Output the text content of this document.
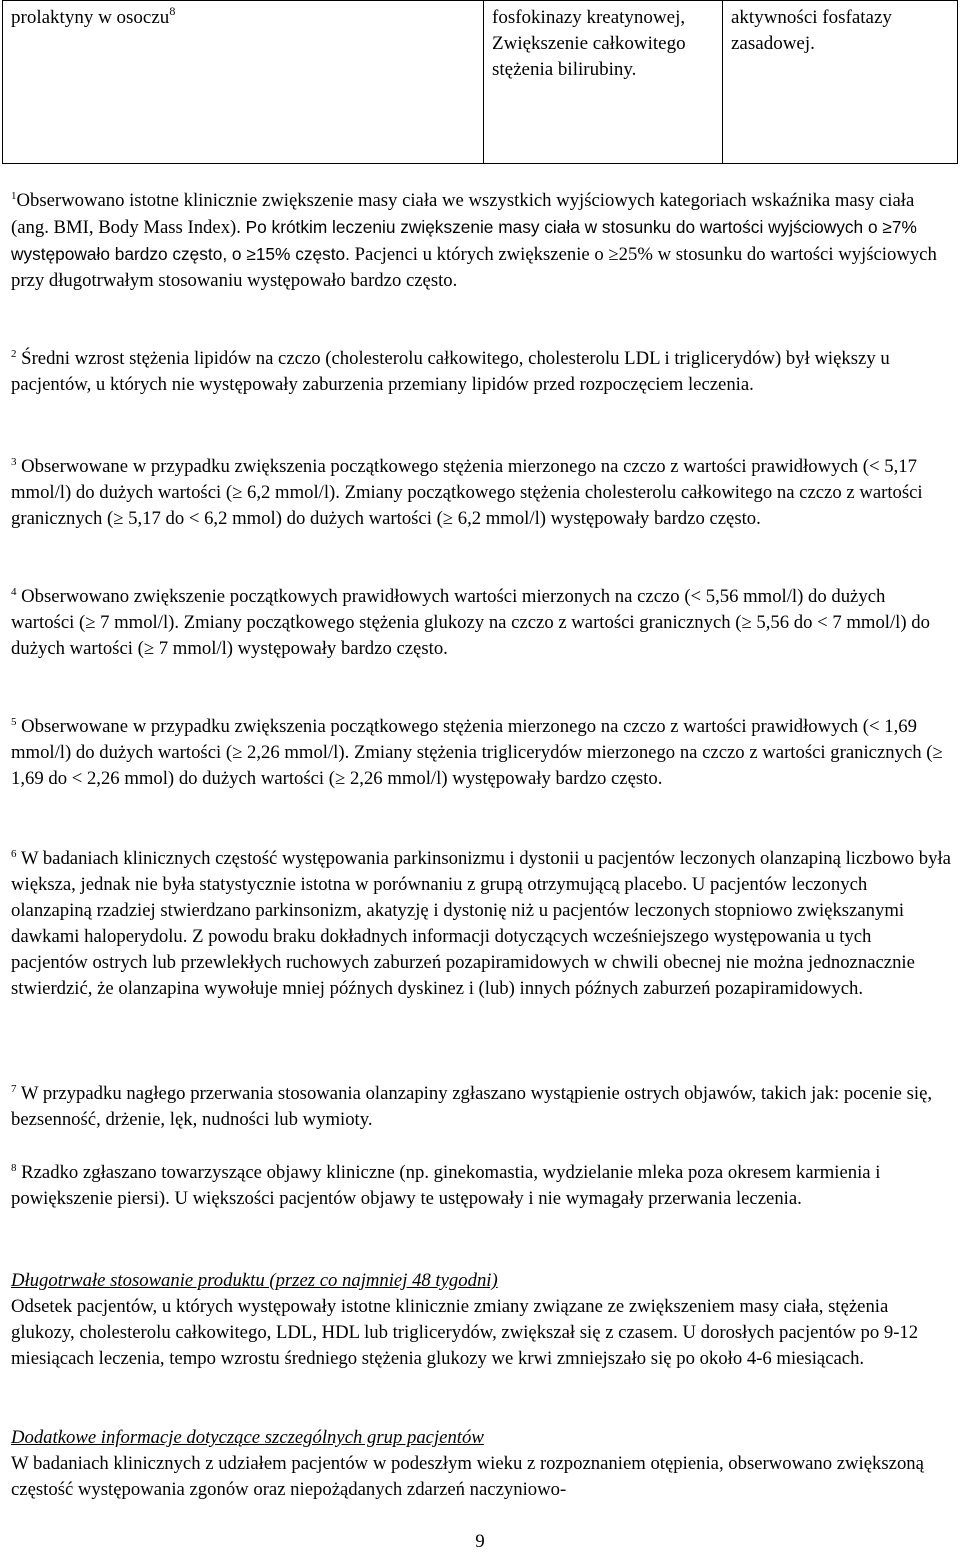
prolaktyny w osoczu$^8$	fosfokinazy kreatynowej, Zwiększenie całkowitego stężenia bilirubiny.	aktywności fosfatazy zasadowej.
$^1$Obserwowano istotne klinicznie zwiększenie masy ciała we wszystkich wyjściowych kategoriach wskaźnika masy ciała (ang. BMI, Body Mass Index). Po krótkim leczeniu zwiększenie masy ciała w stosunku do wartości wyjściowych o ≥7% występowało bardzo często, o ≥15% często. Pacjenci u których zwiększenie o ≥25% w stosunku do wartości wyjściowych przy długotrwałym stosowaniu występowało bardzo często.
$^2$ Średni wzrost stężenia lipidów na czczo (cholesterolu całkowitego, cholesterolu LDL i triglicerydów) był większy u pacjentów, u których nie występowały zaburzenia przemiany lipidów przed rozpoczęciem leczenia.
$^3$ Obserwowane w przypadku zwiększenia początkowego stężenia mierzonego na czczo z wartości prawidłowych (< 5,17 mmol/l) do dużych wartości (≥ 6,2 mmol/l). Zmiany początkowego stężenia cholesterolu całkowitego na czczo z wartości granicznych (≥ 5,17 do < 6,2 mmol) do dużych wartości (≥ 6,2 mmol/l) występowały bardzo często.
$^4$ Obserwowano zwiększenie początkowych prawidłowych wartości mierzonych na czczo (< 5,56 mmol/l) do dużych wartości (≥ 7 mmol/l). Zmiany początkowego stężenia glukozy na czczo z wartości granicznych (≥ 5,56 do < 7 mmol/l) do dużych wartości (≥ 7 mmol/l) występowały bardzo często.
$^5$ Obserwowane w przypadku zwiększenia początkowego stężenia mierzonego na czczo z wartości prawidłowych (< 1,69 mmol/l) do dużych wartości (≥ 2,26 mmol/l). Zmiany stężenia triglicerydów mierzonego na czczo z wartości granicznych (≥ 1,69 do < 2,26 mmol) do dużych wartości (≥ 2,26 mmol/l) występowały bardzo często.
$^6$ W badaniach klinicznych częstość występowania parkinsonizmu i dystonii u pacjentów leczonych olanzapiną liczbowo była większa, jednak nie była statystycznie istotna w porównaniu z grupą otrzymującą placebo. U pacjentów leczonych olanzapiną rzadziej stwierdzano parkinsonizm, akatyzję i dystonię niż u pacjentów leczonych stopniowo zwiększanymi dawkami haloperydolu. Z powodu braku dokładnych informacji dotyczących wcześniejszego występowania u tych pacjentów ostrych lub przewlekłych ruchowych zaburzeń pozapiramidowych w chwili obecnej nie można jednoznacznie stwierdzić, że olanzapina wywołuje mniej późnych dyskinez i (lub) innych późnych zaburzeń pozapiramidowych.
$^7$ W przypadku nagłego przerwania stosowania olanzapiny zgłaszano wystąpienie ostrych objawów, takich jak: pocenie się, bezsenność, drżenie, lęk, nudności lub wymioty.
$^8$ Rzadko zgłaszano towarzyszące objawy kliniczne (np. ginekomastia, wydzielanie mleka poza okresem karmienia i powiększenie piersi). U większości pacjentów objawy te ustępowały i nie wymagały przerwania leczenia.
Długotrwałe stosowanie produktu (przez co najmniej 48 tygodni)
Odsetek pacjentów, u których występowały istotne klinicznie zmiany związane ze zwiększeniem masy ciała, stężenia glukozy, cholesterolu całkowitego, LDL, HDL lub triglicerydów, zwiększał się z czasem. U dorosłych pacjentów po 9-12 miesiącach leczenia, tempo wzrostu średniego stężenia glukozy we krwi zmniejszało się po około 4-6 miesiącach.
Dodatkowe informacje dotyczące szczególnych grup pacjentów
W badaniach klinicznych z udziałem pacjentów w podeszłym wieku z rozpoznaniem otępienia, obserwowano zwiększoną częstość występowania zgonów oraz niepożądanych zdarzeń naczyniowo-
9
